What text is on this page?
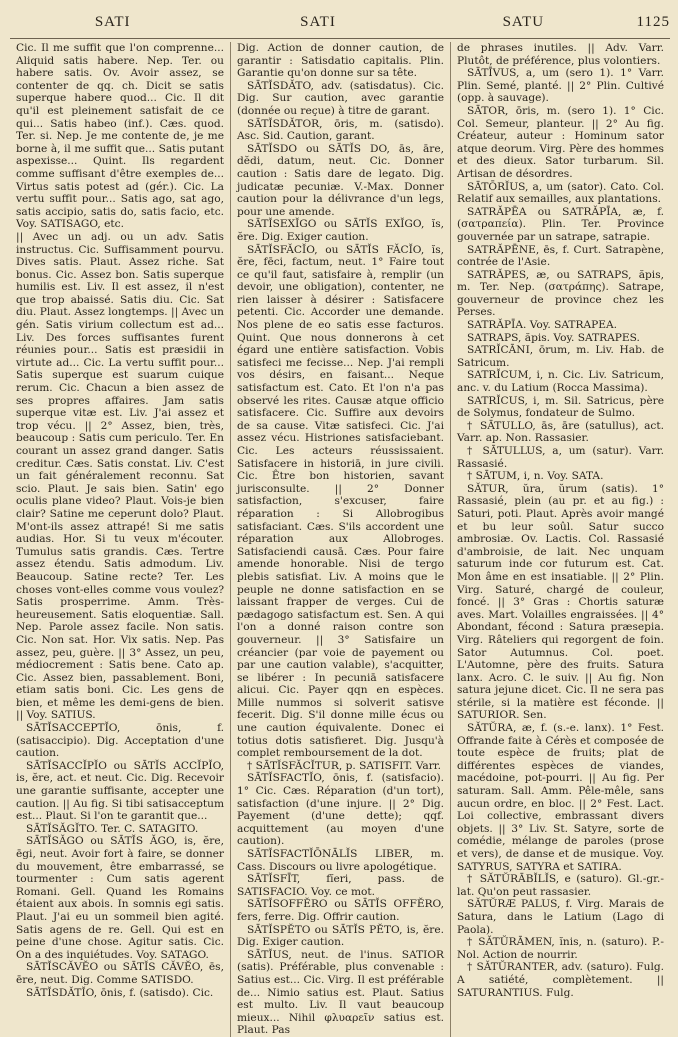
SATI	SATI	SATU	1125

Cic. Il me suffit que l'on comprenne... Aliquid satis habere. Nep. Ter. ou habere satis. Ov. Avoir assez, se contenter de qq. ch. Dicit se satis superque habere quod... Cic. Il dit qu'il est pleinement satisfait de ce qui... Satis habeo (inf.). Cæs. quod. Ter. si. Nep. Je me contente de, je me borne à, il me suffit que... Satis putant aspexisse... Quint. Ils regardent comme suffisant d'être exemples de... Virtus satis potest ad (gér.). Cic. La vertu suffit pour... Satis ago, sat ago, satis accipio, satis do, satis facio, etc. Voy. SATISAGO, etc.

|| Avec un adj. ou un adv. Satis instructus. Cic. Suffisamment pourvu. Dives satis. Plaut. Assez riche. Sat bonus. Cic. Assez bon. Satis superque humilis est. Liv. Il est assez, il n'est que trop abaissé. Satis diu. Cic. Sat diu. Plaut. Assez longtemps. || Avec un gén. Satis virium collectum est ad... Liv. Des forces suffisantes furent réunies pour... Satis est præsidii in virtute ad... Cic. La vertu suffit pour... Satis superque est suarum cuique rerum. Cic. Chacun a bien assez de ses propres affaires. Jam satis superque vitæ est. Liv. J'ai assez et trop vécu. || 2° Assez, bien, très, beaucoup : Satis cum periculo. Ter. En courant un assez grand danger. Satis creditur. Cæs. Satis constat. Liv. C'est un fait généralement reconnu. Sat scio. Plaut. Je sais bien. Satin' ego oculis plane video? Plaut. Vois-je bien clair? Satine me ceperunt dolo? Plaut. M'ont-ils assez attrapé! Si me satis audias. Hor. Si tu veux m'écouter. Tumulus satis grandis. Cæs. Tertre assez étendu. Satis admodum. Liv. Beaucoup. Satine recte? Ter. Les choses vont-elles comme vous voulez? Satis prosperrime. Amm. Très-heureusement. Satis eloquentiæ. Sall. Nep. Parole assez facile. Non satis. Cic. Non sat. Hor. Vix satis. Nep. Pas assez, peu, guère. || 3° Assez, un peu, médiocrement : Satis bene. Cato ap. Cic. Assez bien, passablement. Boni, etiam satis boni. Cic. Les gens de bien, et même les demi-gens de bien. || Voy. SATIUS.

SĀTĬSACCEPTĬO, ōnis, f. (satisaccipio). Dig. Acceptation d'une caution.

SĀTĬSACCĬPĬO ou SĀTĬS ACCĬPĬO, is, ĕre, act. et neut. Cic. Dig. Recevoir une garantie suffisante, accepter une caution. || Au fig. Si tibi satisacceptum est... Plaut. Si l'on te garantit que...

SĀTĬSĂGĬTO. Ter. C. SATAGITO.

SĀTĬSĂGO ou SĀTĬS ĂGO, is, ĕre, ēgi, neut. Avoir fort à faire, se donner du mouvement, être embarrassé, se tourmenter : Cum satis agerent Romani. Gell. Quand les Romains étaient aux abois. In somnis egi satis. Plaut. J'ai eu un sommeil bien agité. Satis agens de re. Gell. Qui est en peine d'une chose. Agitur satis. Cic. On a des inquiétudes. Voy. SATAGO.

SĀTĬSCĂVĔO ou SĀTĬS CĂVĔO, ēs, ēre, neut. Dig. Comme SATISDO.

SĀTĬSDĂTĬO, ōnis, f. (satisdo). Cic.

Dig. Action de donner caution, de garantir : Satisdatio capitalis. Plin. Garantie qu'on donne sur sa tête.

SĀTĬSDĂTO, adv. (satisdatus). Cic. Dig. Sur caution, avec garantie (donnée ou reçue) à titre de garant.

SĀTĬSDĂTOR, ōris, m. (satisdo). Asc. Sid. Caution, garant.

SĀTĬSDO ou SĀTĬS DO, ās, āre, dĕdi, datum, neut. Cic. Donner caution : Satis dare de legato. Dig. judicatæ pecuniæ. V.-Max. Donner caution pour la délivrance d'un legs, pour une amende.

SĀTĬSEXĬGO ou SĀTĬS EXĬGO, ĭs, ĕre. Dig. Exiger caution.

SĀTĬSFĂCĬO, ou SĀTĬS FĂCĬO, ĭs, ĕre, fēci, factum, neut. 1° Faire tout ce qu'il faut, satisfaire à, remplir (un devoir, une obligation), contenter, ne rien laisser à désirer : Satisfacere petenti. Cic. Accorder une demande. Nos plene de eo satis esse facturos. Quint. Que nous donnerons à cet égard une entière satisfaction. Vobis satisfeci me fecisse... Nep. J'ai rempli vos désirs, en faisant... Neque satisfactum est. Cato. Et l'on n'a pas observé les rites. Causæ atque officio satisfacere. Cic. Suffire aux devoirs de sa cause. Vitæ satisfeci. Cic. J'ai assez vécu. Histriones satisfaciebant. Cic. Les acteurs réussissaient. Satisfacere in historiā, in jure civili. Cic. Être bon historien, savant jurisconsulte. || 2° Donner satisfaction, s'excuser, faire réparation : Si Allobrogibus satisfaciant. Cæs. S'ils accordent une réparation aux Allobroges. Satisfaciendi causā. Cæs. Pour faire amende honorable. Nisi de tergo plebis satisfiat. Liv. A moins que le peuple ne donne satisfaction en se laissant frapper de verges. Cui de pædagogo satisfactum est. Sen. A qui l'on a donné raison contre son gouverneur. || 3° Satisfaire un créancier (par voie de payement ou par une caution valable), s'acquitter, se libérer : In pecuniā satisfacere alicui. Cic. Payer qqn en espèces. Mille nummos si solverit satisve fecerit. Dig. S'il donne mille écus ou une caution équivalente. Donec ei totius dotis satisfieret. Dig. Jusqu'à complet remboursement de la dot.

† SĀTĬSFĂCĬTUR, p. SATISFIT. Varr.

SĀTĬSFACTĬO, ōnis, f. (satisfacio). 1° Cic. Cæs. Réparation (d'un tort), satisfaction (d'une injure. || 2° Dig. Payement (d'une dette); qqf. acquittement (au moyen d'une caution).

SĀTĬSFACTĬŌNĀLĬS LIBER, m. Cass. Discours ou livre apologétique.

SĀTĬSFĪT, fĭeri, pass. de SATISFACIO. Voy. ce mot.

SĀTĬSOFFĔRO ou SĀTĬS OFFĔRO, fers, ferre. Dig. Offrir caution.

SĀTĬSPĔTO ou SĀTĬS PĔTO, is, ĕre. Dig. Exiger caution.

SĀTĬUS, neut. de l'inus. SATIOR (satis). Préférable, plus convenable : Satius est... Cic. Virg. Il est préférable de... Nimio satius est. Plaut. Satius est multo. Liv. Il vaut beaucoup mieux... Nihil φλυαρεῖν satius est. Plaut. Pas

de phrases inutiles. || Adv. Varr. Plutôt, de préférence, plus volontiers.

SĀTĪVUS, a, um (sero 1). 1° Varr. Plin. Semé, planté. || 2° Plin. Cultivé (opp. à sauvage).

SĀTOR, ōris, m. (sero 1). 1° Cic. Col. Semeur, planteur. || 2° Au fig. Créateur, auteur : Hominum sator atque deorum. Virg. Père des hommes et des dieux. Sator turbarum. Sil. Artisan de désordres.

SĀTŌRĬUS, a, um (sator). Cato. Col. Relatif aux semailles, aux plantations.

SATRĂPĒA ou SATRĂPĪA, æ, f. (σατραπεία). Plin. Ter. Province gouvernée par un satrape, satrapie.

SATRĂPĒNE, ēs, f. Curt. Satrapène, contrée de l'Asie.

SATRĂPES, æ, ou SATRAPS, ăpis, m. Ter. Nep. (σατράπης). Satrape, gouverneur de province chez les Perses.

SATRĂPĪA. Voy. SATRAPEA.

SATRAPS, ăpis. Voy. SATRAPES.

SATRĬCĀNI, ōrum, m. Liv. Hab. de Satricum.

SATRĬCUM, i, n. Cic. Liv. Satricum, anc. v. du Latium (Rocca Massima).

SATRĬCUS, i, m. Sil. Satricus, père de Solymus, fondateur de Sulmo.

† SĀTULLO, ās, āre (satullus), act. Varr. ap. Non. Rassasier.

† SĀTULLUS, a, um (satur). Varr. Rassasié.

† SĀTUM, i, n. Voy. SATA.

SĂTUR, ŭra, ŭrum (satis). 1° Rassasié, plein (au pr. et au fig.) : Saturi, poti. Plaut. Après avoir mangé et bu leur soûl. Satur succo ambrosiæ. Ov. Lactis. Col. Rassasié d'ambroisie, de lait. Nec unquam saturum inde cor futurum est. Cat. Mon âme en est insatiable. || 2° Plin. Virg. Saturé, chargé de couleur, foncé. || 3° Gras : Chortis saturæ aves. Mart. Volailles engraissées. || 4° Abondant, fécond : Satura præsepia. Virg. Râteliers qui regorgent de foin. Sator Autumnus. Col. poet. L'Automne, père des fruits. Satura lanx. Acro. C. le suiv. || Au fig. Non satura jejune dicet. Cic. Il ne sera pas stérile, si la matière est féconde. || SATURIOR. Sen.

SĂTŬRA, æ, f. (s.-e. lanx). 1° Fest. Offrande faite à Cérès et composée de toute espèce de fruits; plat de différentes espèces de viandes, macédoine, pot-pourri. || Au fig. Per saturam. Sall. Amm. Pêle-mêle, sans aucun ordre, en bloc. || 2° Fest. Lact. Loi collective, embrassant divers objets. || 3° Liv. St. Satyre, sorte de comédie, mélange de paroles (prose et vers), de danse et de musique. Voy. SATYRUS, SATYRA et SATIRA.

† SĂTŬRĀBĬLĬS, e (saturo). Gl.-gr.-lat. Qu'on peut rassasier.

SĂTŬRÆ PALUS, f. Virg. Marais de Satura, dans le Latium (Lago di Paola).

† SĂTŬRĀMEN, ĭnis, n. (saturo). P.-Nol. Action de nourrir.

† SĂTŬRANTER, adv. (saturo). Fulg. A satiété, complètement. || SATURANTIUS. Fulg.
